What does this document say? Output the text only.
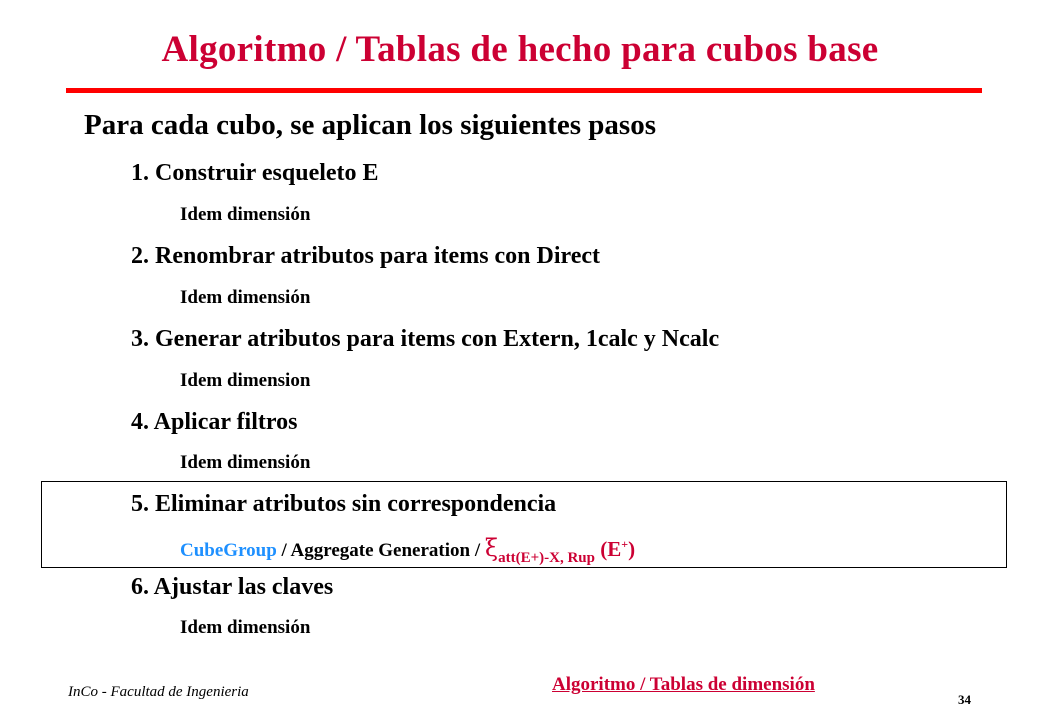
Algoritmo / Tablas de hecho para cubos base
Para cada cubo, se aplican los siguientes pasos
1. Construir esqueleto E
Idem dimensión
2. Renombrar atributos para items con Direct
Idem dimensión
3. Generar atributos para items con Extern, 1calc y Ncalc
Idem dimension
4. Aplicar filtros
Idem dimensión
5. Eliminar atributos sin correspondencia
CubeGroup / Aggregate Generation / $\xi_{att(E+)-X, Rup}$ (E+)
6. Ajustar las claves
Idem dimensión
InCo - Facultad de Ingenieria	Algoritmo / Tablas de dimensión
34
